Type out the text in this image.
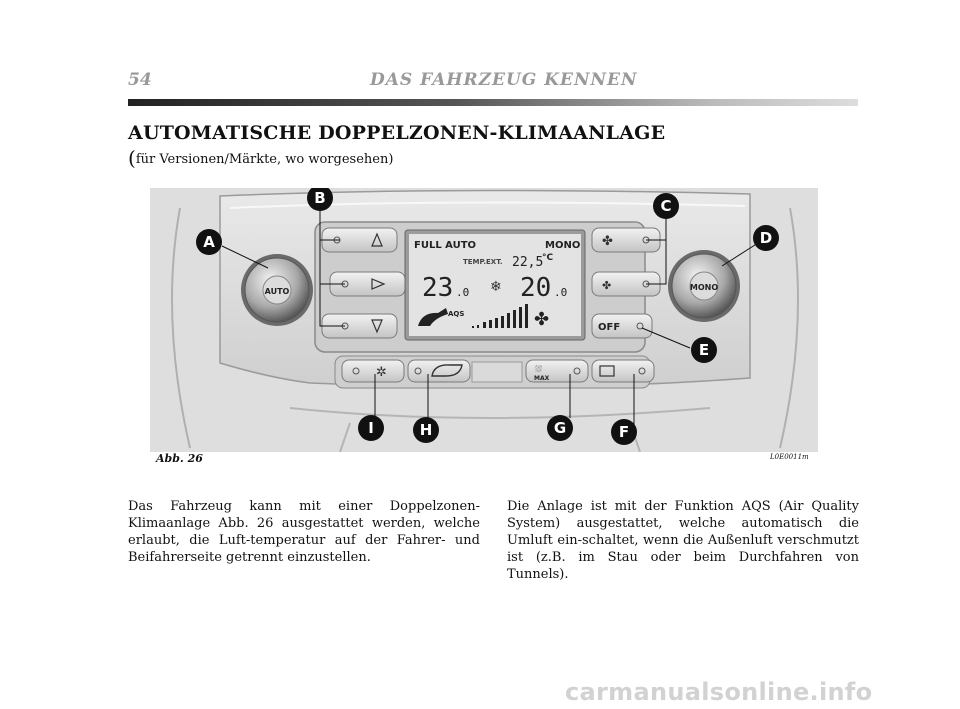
54	DAS FAHRZEUG KENNEN
AUTOMATISCHE DOPPELZONEN-KLIMAANLAGE
(für Versionen/Märkte, wo worgesehen)
FULL AUTO	MONO
TEMP.EXT. 22,5
°C
23 .0 ❄ 20 .0
AQS	✤
✤
✤
OFF
AUTO	MONO
✲	⛆
MAX
A
B	C
D
E
F
G
H
I
Abb. 26	L0E0011m
Das Fahrzeug kann mit einer Doppelzonen-Klimaanlage Abb. 26 ausgestattet werden, welche erlaubt, die Luft-temperatur auf der Fahrer- und Beifahrerseite getrennt einzustellen.
Die Anlage ist mit der Funktion AQS (Air Quality System) ausgestattet, welche automatisch die Umluft ein-schaltet, wenn die Außenluft verschmutzt ist (z.B. im Stau oder beim Durchfahren von Tunnels).
carmanualsonline.info
